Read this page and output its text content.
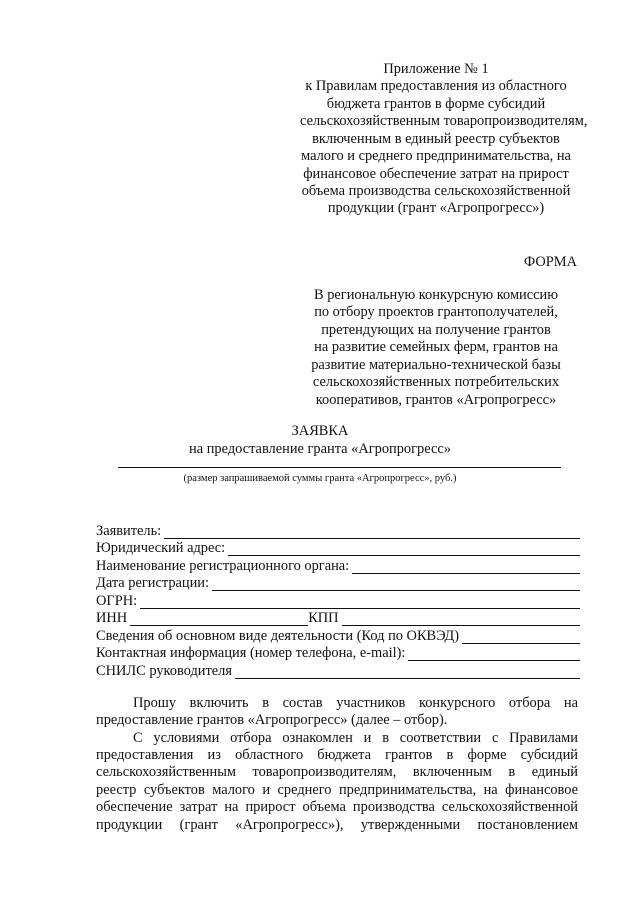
Приложение № 1
к Правилам предоставления из областного
бюджета грантов в форме субсидий
сельскохозяйственным товаропроизводителям,
включенным в единый реестр субъектов
малого и среднего предпринимательства, на
финансовое обеспечение затрат на прирост
объема производства сельскохозяйственной
продукции (грант «Агропрогресс»)
ФОРМА
В региональную конкурсную комиссию
по отбору проектов грантополучателей,
претендующих на получение грантов
на развитие семейных ферм, грантов на
развитие материально-технической базы
сельскохозяйственных потребительских
кооперативов, грантов «Агропрогресс»
ЗАЯВКА
на предоставление гранта «Агропрогресс»
(размер запрашиваемой суммы гранта «Агропрогресс», руб.)
Заявитель:
Юридический адрес:
Наименование регистрационного органа:
Дата регистрации:
ОГРН:
ИНН	КПП
Сведения об основном виде деятельности (Код по ОКВЭД)
Контактная информация (номер телефона, e-mail):
СНИЛС руководителя
Прошу включить в состав участников конкурсного отбора на
предоставление грантов «Агропрогресс» (далее – отбор).
С условиями отбора ознакомлен и в соответствии с Правилами
предоставления из областного бюджета грантов в форме субсидий
сельскохозяйственным товаропроизводителям, включенным в единый
реестр субъектов малого и среднего предпринимательства, на финансовое
обеспечение затрат на прирост объема производства сельскохозяйственной
продукции (грант «Агропрогресс»), утвержденными постановлением
